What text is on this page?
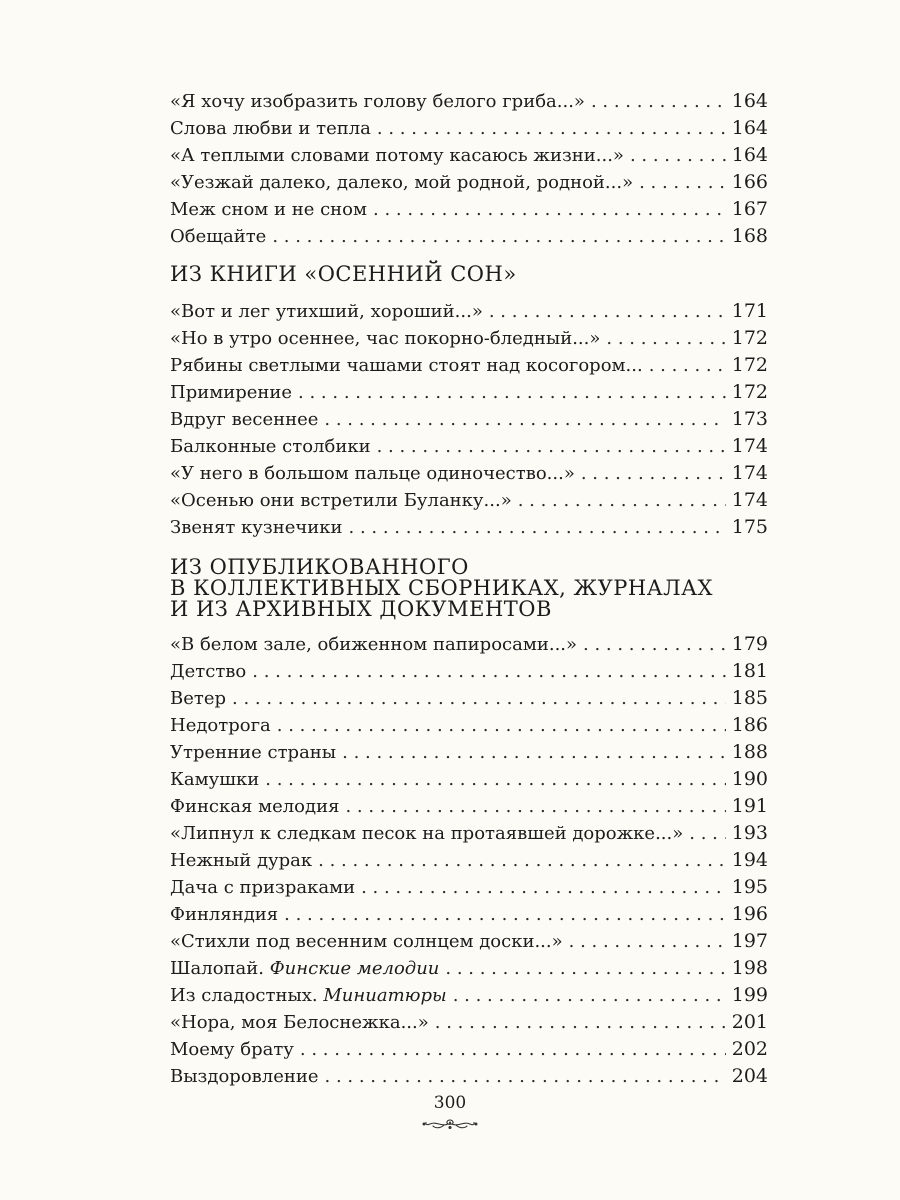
«Я хочу изобразить голову белого гриба...» . . .	164
Слова любви и тепла . . .	164
«А теплыми словами потому касаюсь жизни...» . . .	164
«Уезжай далеко, далеко, мой родной, родной...» . . .	166
Меж сном и не сном . . .	167
Обещайте . . .	168
ИЗ КНИГИ «ОСЕННИЙ СОН»
«Вот и лег утихший, хороший...» . . .	171
«Но в утро осеннее, час покорно-бледный...» . . .	172
Рябины светлыми чашами стоят над косогором... . . .	172
Примирение . . .	172
Вдруг весеннее . . .	173
Балконные столбики . . .	174
«У него в большом пальце одиночество...» . . .	174
«Осенью они встретили Буланку...» . . .	174
Звенят кузнечики . . .	175
ИЗ ОПУБЛИКОВАННОГО
В КОЛЛЕКТИВНЫХ СБОРНИКАХ, ЖУРНАЛАХ
И ИЗ АРХИВНЫХ ДОКУМЕНТОВ
«В белом зале, обиженном папиросами...» . . .	179
Детство . . .	181
Ветер . . .	185
Недотрога . . .	186
Утренние страны . . .	188
Камушки . . .	190
Финская мелодия . . .	191
«Липнул к следкам песок на протаявшей дорожке...» . . .	193
Нежный дурак . . .	194
Дача с призраками . . .	195
Финляндия . . .	196
«Стихли под весенним солнцем доски...» . . .	197
Шалопай. Финские мелодии . . .	198
Из сладостных. Миниатюры . . .	199
«Нора, моя Белоснежка...» . . .	201
Моему брату . . .	202
Выздоровление . . .	204
300
